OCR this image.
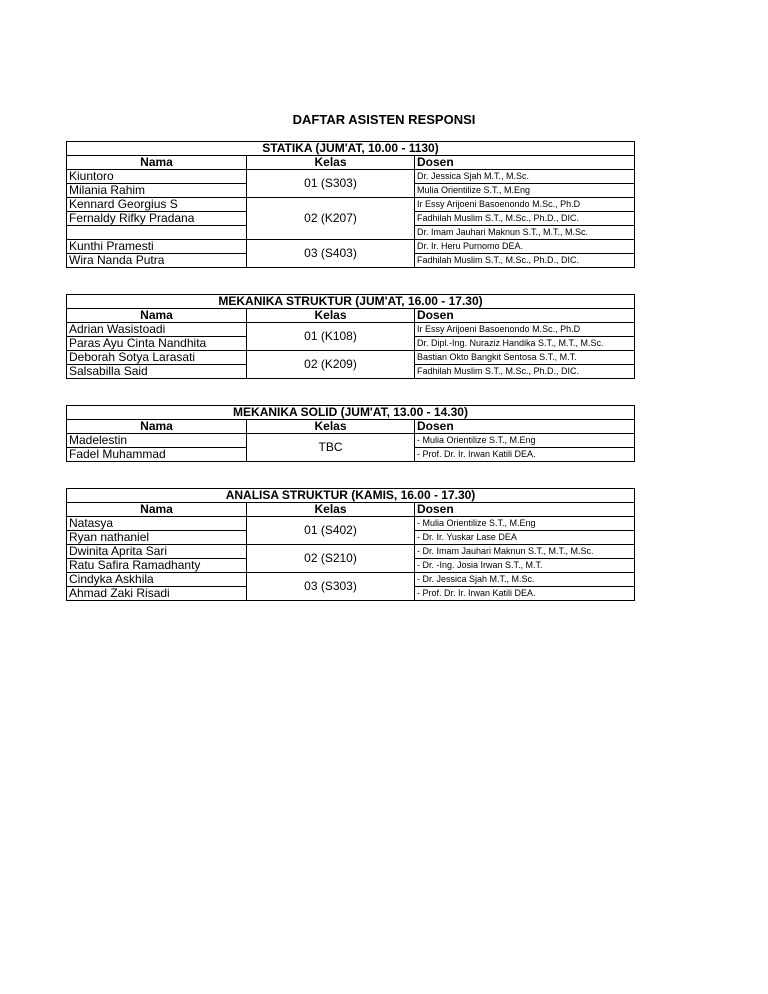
DAFTAR ASISTEN RESPONSI
STATIKA (JUM'AT, 10.00 - 1130)		
Nama	Kelas	Dosen
Kiuntoro	01 (S303)	Dr. Jessica Sjah M.T., M.Sc.
Milania Rahim		Mulia Orientilize S.T., M.Eng
Kennard Georgius S	02 (K207)	Ir Essy Arijoeni Basoenondo M.Sc., Ph.D
Fernaldy Rifky Pradana		Fadhilah Muslim S.T., M.Sc., Ph.D., DIC.
		Dr. Imam Jauhari Maknun S.T., M.T., M.Sc.
Kunthi Pramesti	03 (S403)	Dr. Ir. Heru Purnomo DEA.
Wira Nanda Putra		Fadhilah Muslim S.T., M.Sc., Ph.D., DIC.
MEKANIKA STRUKTUR (JUM'AT, 16.00 - 17.30)		
Nama	Kelas	Dosen
Adrian Wasistoadi	01 (K108)	Ir Essy Arijoeni Basoenondo M.Sc., Ph.D
Paras Ayu Cinta Nandhita		Dr. Dipl.-Ing. Nuraziz Handika S.T., M.T., M.Sc.
Deborah Sotya Larasati	02 (K209)	Bastian Okto Bangkit Sentosa S.T., M.T.
Salsabilla Said		Fadhilah Muslim S.T., M.Sc., Ph.D., DIC.
MEKANIKA SOLID (JUM'AT, 13.00 - 14.30)		
Nama	Kelas	Dosen
Madelestin	TBC	- Mulia Orientilize S.T., M.Eng
Fadel Muhammad		- Prof. Dr. Ir. Irwan Katili DEA.
ANALISA STRUKTUR (KAMIS, 16.00 - 17.30)		
Nama	Kelas	Dosen
Natasya	01 (S402)	- Mulia Orientilize S.T., M.Eng
Ryan nathaniel		- Dr. Ir. Yuskar Lase DEA
Dwinita Aprita Sari	02 (S210)	- Dr. Imam Jauhari Maknun S.T., M.T., M.Sc.
Ratu Safira Ramadhanty		- Dr. -Ing. Josia Irwan S.T., M.T.
Cindyka Askhila	03 (S303)	- Dr. Jessica Sjah M.T., M.Sc.
Ahmad Zaki Risadi		- Prof. Dr. Ir. Irwan Katili DEA.
